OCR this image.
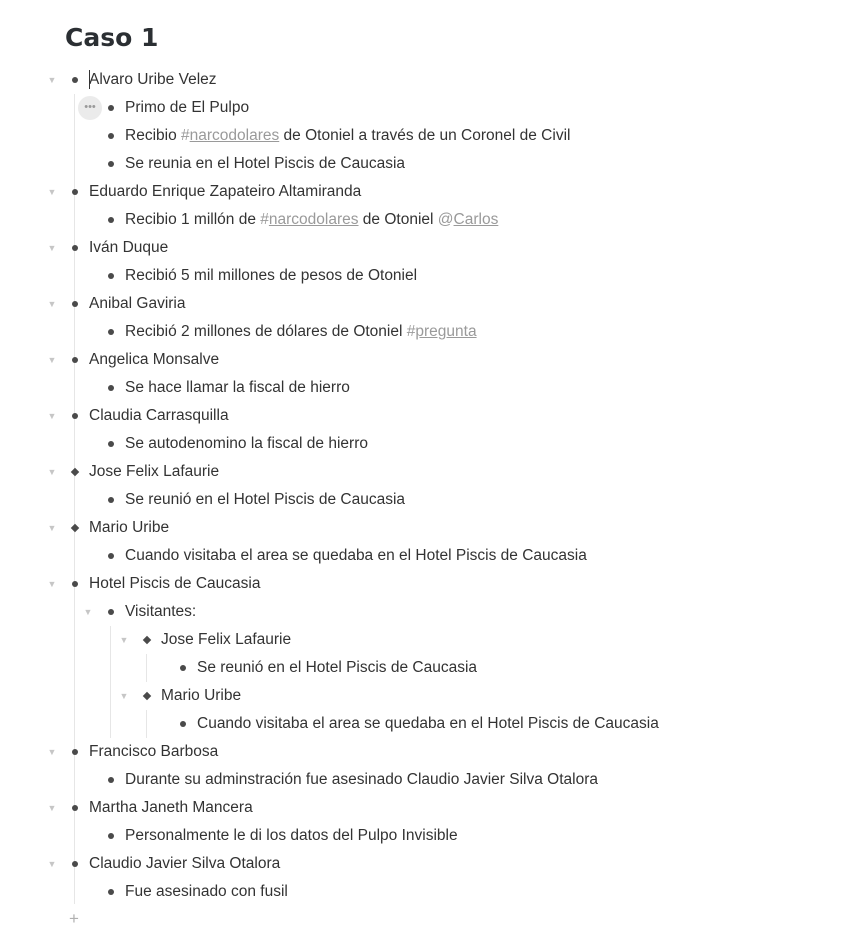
Caso 1
•••
▼ Alvaro Uribe Velez
Primo de El Pulpo
Recibio #narcodolares de Otoniel a través de un Coronel de Civil
Se reunia en el Hotel Piscis de Caucasia
▼ Eduardo Enrique Zapateiro Altamiranda
Recibio 1 millón de #narcodolares de Otoniel @Carlos
▼ Iván Duque
Recibió 5 mil millones de pesos de Otoniel
▼ Anibal Gaviria
Recibió 2 millones de dólares de Otoniel #pregunta
▼ Angelica Monsalve
Se hace llamar la fiscal de hierro
▼ Claudia Carrasquilla
Se autodenomino la fiscal de hierro
▼ Jose Felix Lafaurie
Se reunió en el Hotel Piscis de Caucasia
▼ Mario Uribe
Cuando visitaba el area se quedaba en el Hotel Piscis de Caucasia
▼ Hotel Piscis de Caucasia
▼ Visitantes:
▼ Jose Felix Lafaurie
Se reunió en el Hotel Piscis de Caucasia
▼ Mario Uribe
Cuando visitaba el area se quedaba en el Hotel Piscis de Caucasia
▼ Francisco Barbosa
Durante su adminstración fue asesinado Claudio Javier Silva Otalora
▼ Martha Janeth Mancera
Personalmente le di los datos del Pulpo Invisible
▼ Claudio Javier Silva Otalora
Fue asesinado con fusil
+
